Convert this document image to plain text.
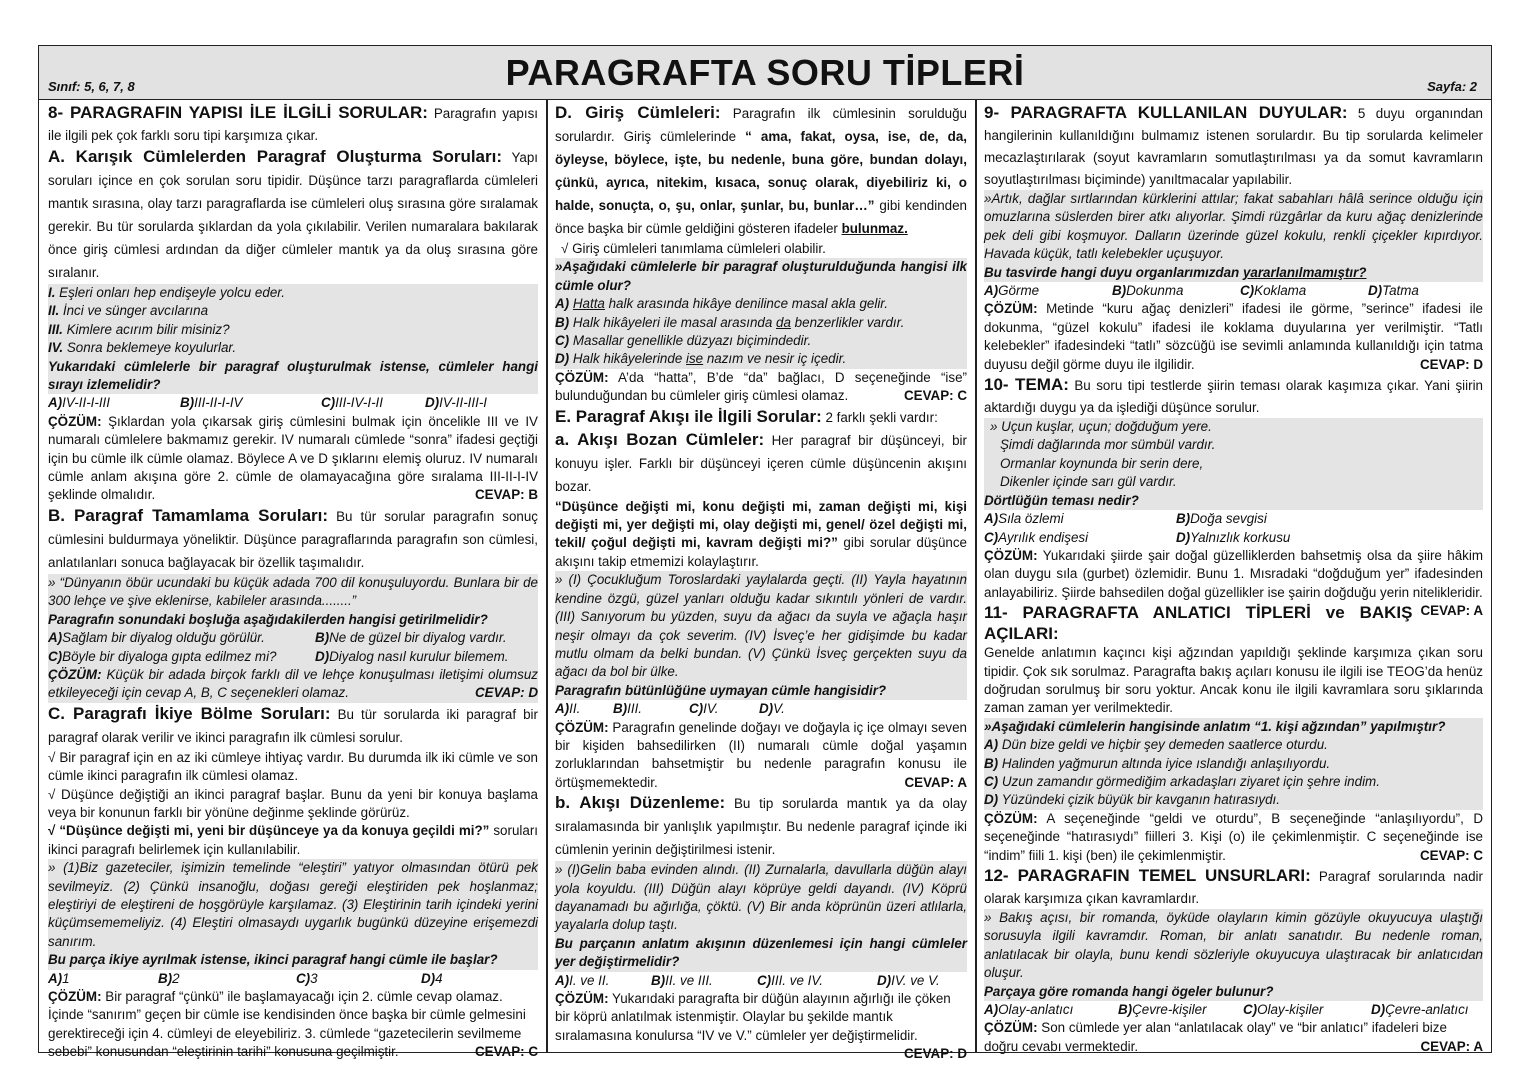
Sınıf: 5, 6, 7, 8	PARAGRAFTA SORU TİPLERİ	Sayfa: 2

8- PARAGRAFIN YAPISI İLE İLGİLİ SORULAR: Paragrafın yapısı ile ilgili pek çok farklı soru tipi karşımıza çıkar.

A. Karışık Cümlelerden Paragraf Oluşturma Soruları: Yapı soruları içince en çok sorulan soru tipidir. Düşünce tarzı paragraflarda cümleleri mantık sırasına, olay tarzı paragraflarda ise cümleleri oluş sırasına göre sıralamak gerekir. Bu tür sorularda şıklardan da yola çıkılabilir. Verilen numaralara bakılarak önce giriş cümlesi ardından da diğer cümleler mantık ya da oluş sırasına göre sıralanır.

I. Eşleri onları hep endişeyle yolcu eder.

II. İnci ve sünger avcılarına

III. Kimlere acırım bilir misiniz?

IV. Sonra beklemeye koyulurlar.

Yukarıdaki cümlelerle bir paragraf oluşturulmak istense, cümleler hangi sırayı izlemelidir?

A)IV-II-I-III	B)III-II-I-IV	C)III-IV-I-II	D)IV-II-III-I

ÇÖZÜM: Şıklardan yola çıkarsak giriş cümlesini bulmak için öncelikle III ve IV numaralı cümlelere bakmamız gerekir. IV numaralı cümlede “sonra” ifadesi geçtiği için bu cümle ilk cümle olamaz. Böylece A ve D şıklarını elemiş oluruz. IV numaralı cümle anlam akışına göre 2. cümle de olamayacağına göre sıralama III-II-I-IV şeklinde olmalıdır.	CEVAP: B

B. Paragraf Tamamlama Soruları: Bu tür sorular paragrafın sonuç cümlesini buldurmaya yöneliktir. Düşünce paragraflarında paragrafın son cümlesi, anlatılanları sonuca bağlayacak bir özellik taşımalıdır.

» “Dünyanın öbür ucundaki bu küçük adada 700 dil konuşuluyordu. Bunlara bir de 300 lehçe ve şive eklenirse, kabileler arasında........”

Paragrafın sonundaki boşluğa aşağıdakilerden hangisi getirilmelidir?

A)Sağlam bir diyalog olduğu görülür.	B)Ne de güzel bir diyalog vardır.
C)Böyle bir diyaloga gıpta edilmez mi?	D)Diyalog nasıl kurulur bilemem.

ÇÖZÜM: Küçük bir adada birçok farklı dil ve lehçe konuşulması iletişimi olumsuz etkileyeceği için cevap A, B, C seçenekleri olamaz.	CEVAP: D

C. Paragrafı İkiye Bölme Soruları: Bu tür sorularda iki paragraf bir paragraf olarak verilir ve ikinci paragrafın ilk cümlesi sorulur.

√ Bir paragraf için en az iki cümleye ihtiyaç vardır. Bu durumda ilk iki cümle ve son cümle ikinci paragrafın ilk cümlesi olamaz.

√ Düşünce değiştiği an ikinci paragraf başlar. Bunu da yeni bir konuya başlama veya bir konunun farklı bir yönüne değinme şeklinde görürüz.

√ “Düşünce değişti mi, yeni bir düşünceye ya da konuya geçildi mi?” soruları ikinci paragrafı belirlemek için kullanılabilir.

» (1)Biz gazeteciler, işimizin temelinde “eleştiri” yatıyor olmasından ötürü pek sevilmeyiz. (2) Çünkü insanoğlu, doğası gereği eleştiriden pek hoşlanmaz; eleştiriyi de eleştireni de hoşgörüyle karşılamaz. (3) Eleştirinin tarih içindeki yerini küçümsememeliyiz. (4) Eleştiri olmasaydı uygarlık bugünkü düzeyine erişemezdi sanırım.

Bu parça ikiye ayrılmak istense, ikinci paragraf hangi cümle ile başlar?

A)1	B)2	C)3	D)4

ÇÖZÜM: Bir paragraf “çünkü” ile başlamayacağı için 2. cümle cevap olamaz. İçinde “sanırım” geçen bir cümle ise kendisinden önce başka bir cümle gelmesini gerektireceği için 4. cümleyi de eleyebiliriz. 3. cümlede “gazetecilerin sevilmeme sebebi” konusundan “eleştirinin tarihi” konusuna geçilmiştir.	CEVAP: C

D. Giriş Cümleleri: Paragrafın ilk cümlesinin sorulduğu sorulardır. Giriş cümlelerinde “ ama, fakat, oysa, ise, de, da, öyleyse, böylece, işte, bu nedenle, buna göre, bundan dolayı, çünkü, ayrıca, nitekim, kısaca, sonuç olarak, diyebiliriz ki, o halde, sonuçta, o, şu, onlar, şunlar, bu, bunlar…” gibi kendinden önce başka bir cümle geldiğini gösteren ifadeler bulunmaz.

√ Giriş cümleleri tanımlama cümleleri olabilir.

»Aşağıdaki cümlelerle bir paragraf oluşturulduğunda hangisi ilk cümle olur?

A) Hatta halk arasında hikâye denilince masal akla gelir.

B) Halk hikâyeleri ile masal arasında da benzerlikler vardır.

C) Masallar genellikle düzyazı biçimindedir.

D) Halk hikâyelerinde ise nazım ve nesir iç içedir.

ÇÖZÜM: A’da “hatta”, B’de “da” bağlacı, D seçeneğinde “ise” bulunduğundan bu cümleler giriş cümlesi olamaz.	CEVAP: C

E. Paragraf Akışı ile İlgili Sorular: 2 farklı şekli vardır:

a. Akışı Bozan Cümleler: Her paragraf bir düşünceyi, bir konuyu işler. Farklı bir düşünceyi içeren cümle düşüncenin akışını bozar.

“Düşünce değişti mi, konu değişti mi, zaman değişti mi, kişi değişti mi, yer değişti mi, olay değişti mi, genel/ özel değişti mi, tekil/ çoğul değişti mi, kavram değişti mi?” gibi sorular düşünce akışını takip etmemizi kolaylaştırır.

» (I) Çocukluğum Toroslardaki yaylalarda geçti. (II) Yayla hayatının kendine özgü, güzel yanları olduğu kadar sıkıntılı yönleri de vardır. (III) Sanıyorum bu yüzden, suyu da ağacı da suyla ve ağaçla haşır neşir olmayı da çok severim. (IV) İsveç’e her gidişimde bu kadar mutlu olmam da belki bundan. (V) Çünkü İsveç gerçekten suyu da ağacı da bol bir ülke.

Paragrafın bütünlüğüne uymayan cümle hangisidir?

A)II.	B)III.	C)IV.	D)V.

ÇÖZÜM: Paragrafın genelinde doğayı ve doğayla iç içe olmayı seven bir kişiden bahsedilirken (II) numaralı cümle doğal yaşamın zorluklarından bahsetmiştir bu nedenle paragrafın konusu ile örtüşmemektedir.	CEVAP: A

b. Akışı Düzenleme: Bu tip sorularda mantık ya da olay sıralamasında bir yanlışlık yapılmıştır. Bu nedenle paragraf içinde iki cümlenin yerinin değiştirilmesi istenir.

» (I)Gelin baba evinden alındı. (II) Zurnalarla, davullarla düğün alayı yola koyuldu. (III) Düğün alayı köprüye geldi dayandı. (IV) Köprü dayanamadı bu ağırlığa, çöktü. (V) Bir anda köprünün üzeri atlılarla, yayalarla dolup taştı.

Bu parçanın anlatım akışının düzenlemesi için hangi cümleler yer değiştirmelidir?

A)I. ve II.	B)II. ve III.	C)III. ve IV.	D)IV. ve V.

ÇÖZÜM: Yukarıdaki paragrafta bir düğün alayının ağırlığı ile çöken bir köprü anlatılmak istenmiştir. Olaylar bu şekilde mantık sıralamasına konulursa “IV ve V.” cümleler yer değiştirmelidir.
CEVAP: D

9- PARAGRAFTA KULLANILAN DUYULAR: 5 duyu organından hangilerinin kullanıldığını bulmamız istenen sorulardır. Bu tip sorularda kelimeler mecazlaştırılarak (soyut kavramların somutlaştırılması ya da somut kavramların soyutlaştırılması biçiminde) yanıltmacalar yapılabilir.

»Artık, dağlar sırtlarından kürklerini attılar; fakat sabahları hâlâ serince olduğu için omuzlarına süslerden birer atkı alıyorlar. Şimdi rüzgârlar da kuru ağaç denizlerinde pek deli gibi koşmuyor. Dalların üzerinde güzel kokulu, renkli çiçekler kıpırdıyor. Havada küçük, tatlı kelebekler uçuşuyor.

Bu tasvirde hangi duyu organlarımızdan yararlanılmamıştır?

A)Görme	B)Dokunma	C)Koklama	D)Tatma

ÇÖZÜM: Metinde “kuru ağaç denizleri” ifadesi ile görme, ”serince” ifadesi ile dokunma, “güzel kokulu” ifadesi ile koklama duyularına yer verilmiştir. “Tatlı kelebekler” ifadesindeki “tatlı” sözcüğü ise sevimli anlamında kullanıldığı için tatma duyusu değil görme duyu ile ilgilidir.	CEVAP: D

10- TEMA: Bu soru tipi testlerde şiirin teması olarak kaşımıza çıkar. Yani şiirin aktardığı duygu ya da işlediği düşünce sorulur.

» Uçun kuşlar, uçun; doğduğum yere.

Şimdi dağlarında mor sümbül vardır.

Ormanlar koynunda bir serin dere,

Dikenler içinde sarı gül vardır.

Dörtlüğün teması nedir?

A)Sıla özlemi	B)Doğa sevgisi
C)Ayrılık endişesi	D)Yalnızlık korkusu

ÇÖZÜM: Yukarıdaki şiirde şair doğal güzelliklerden bahsetmiş olsa da şiire hâkim olan duygu sıla (gurbet) özlemidir. Bunu 1. Mısradaki “doğduğum yer” ifadesinden anlayabiliriz. Şiirde bahsedilen doğal güzellikler ise şairin doğduğu yerin nitelikleridir.
CEVAP: A

11- PARAGRAFTA ANLATICI TİPLERİ ve BAKIŞ AÇILARI:

Genelde anlatımın kaçıncı kişi ağzından yapıldığı şeklinde karşımıza çıkan soru tipidir. Çok sık sorulmaz. Paragrafta bakış açıları konusu ile ilgili ise TEOG’da henüz doğrudan sorulmuş bir soru yoktur. Ancak konu ile ilgili kavramlara soru şıklarında zaman zaman yer verilmektedir.

»Aşağıdaki cümlelerin hangisinde anlatım “1. kişi ağzından” yapılmıştır?

A) Dün bize geldi ve hiçbir şey demeden saatlerce oturdu.

B) Halinden yağmurun altında iyice ıslandığı anlaşılıyordu.

C) Uzun zamandır görmediğim arkadaşları ziyaret için şehre indim.

D) Yüzündeki çizik büyük bir kavganın hatırasıydı.

ÇÖZÜM: A seçeneğinde “geldi ve oturdu”, B seçeneğinde “anlaşılıyordu”, D seçeneğinde “hatırasıydı” fiilleri 3. Kişi (o) ile çekimlenmiştir. C seçeneğinde ise “indim” fiili 1. kişi (ben) ile çekimlenmiştir.	CEVAP: C

12- PARAGRAFIN TEMEL UNSURLARI: Paragraf sorularında nadir olarak karşımıza çıkan kavramlardır.

» Bakış açısı, bir romanda, öyküde olayların kimin gözüyle okuyucuya ulaştığı sorusuyla ilgili kavramdır. Roman, bir anlatı sanatıdır. Bu nedenle roman, anlatılacak bir olayla, bunu kendi sözleriyle okuyucuya ulaştıracak bir anlatıcıdan oluşur.

Parçaya göre romanda hangi ögeler bulunur?

A)Olay-anlatıcı	B)Çevre-kişiler	C)Olay-kişiler	D)Çevre-anlatıcı

ÇÖZÜM: Son cümlede yer alan “anlatılacak olay” ve “bir anlatıcı” ifadeleri bize doğru cevabı vermektedir.	CEVAP: A
